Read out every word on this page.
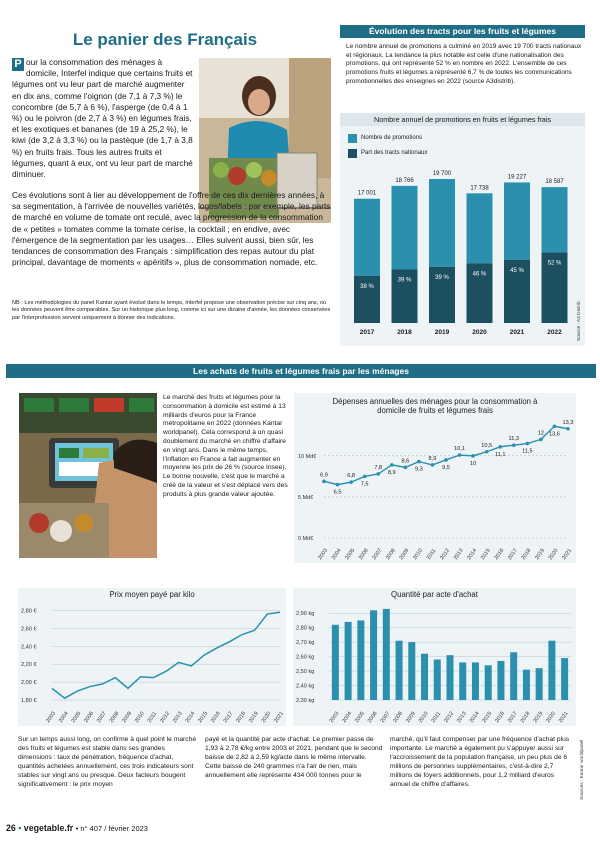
Le panier des Français
P our la consommation des ménages à domicile, Interfel indique que certains fruits et légumes ont vu leur part de marché augmenter en dix ans, comme l'oignon (de 7,1 à 7,3 %) le concombre (de 5,7 à 6 %), l'asperge (de 0,4 à 1 %) ou le poivron (de 2,7 à 3 %) en légumes frais, et les exotiques et bananes (de 19 à 25,2 %), le kiwi (de 3,2 à 3,3 %) ou la pastèque (de 1,7 à 3,8 %) en fruits frais. Tous les autres fruits et légumes, quant à eux, ont vu leur part de marché diminuer.
Ces évolutions sont à lier au développement de l'offre de ces dix dernières années, à sa segmentation, à l'arrivée de nouvelles variétés, logos/labels : par exemple, les parts de marché en volume de tomate ont reculé, avec la progression de la consommation de « petites » tomates comme la tomate cerise, la cocktail ; en endive, avec l'émergence de la segmentation par les usages… Elles suivent aussi, bien sûr, les tendances de consommation des Français : simplification des repas autour du plat principal, davantage de moments « apéritifs », plus de consommation nomade, etc.
NB : Les méthodologies du panel Kantar ayant évolué dans le temps, Interfel propose une observation précise sur cinq ans, où les données peuvent être comparables. Sur un historique plus long, comme ici sur une dizaine d'année, les données conservées par l'interprofession servent uniquement à donner des indications.
Évolution des tracts pour les fruits et légumes
Le nombre annuel de promotions a culminé en 2019 avec 19 700 tracts nationaux et régionaux. La tendance la plus notable est celle d'une nationalisation des promotions, qui ont représenté 52 % en nombre en 2022. L'ensemble de ces promotions fruits et légumes a représenté 6,7 % de toutes les communications promotionnelles des enseignes en 2022 (source A3distrib).
Nombre annuel de promotions en fruits et légumes frais
Nombre de promotions
Part des tracts nationaux
17 001
38 %
2017
18 766
39 %
2018
19 700
39 %
2019
17 738
46 %
2020
19 227
45 %
2021
18 587
52 %
2022	Source : A3 Distrib
Les achats de fruits et légumes frais par les ménages
Le marché des fruits et légumes pour la consommation à domicile est estimé à 13 milliards d'euros pour la France métropolitaine en 2022 (données Kantar worldpanel). Cela correspond à un quasi doublement du marché en chiffre d'affaire en vingt ans. Dans le même temps, l'inflation en France a fait augmenter en moyenne les prix de 26 % (source Insee). Le bonne nouvelle, c'est que le marché a créé de la valeur et s'est déplacé vers des produits à plus grande valeur ajoutée.
Dépenses annuelles des ménages pour la consommation à domicile de fruits et légumes frais
0 Md€
5 Md€
10 Md€
6,9
2003
6,5
2004
6,8
2005
7,5
2006
7,8
2007
8,9
2008
8,6
2009
9,3
2010
8,9
2011
9,5
2012
10,1
2013
10
2014
10,5
2015
11,1
2016
11,3
2017
11,5
2018
12
2019
13,6
2020
13,3
2021
Prix moyen payé par kilo
1,80 €
2,00 €
2,20 €
2,40 €
2,60 €
2,80 €
2003 2004 2005 2006 2007 2008 2009 2010 2011 2012 2013 2014 2015 2016 2017 2018 2019 2020 2021
Quantité par acte d'achat
2,30 kg
2,40 kg
2,50 kg
2,60 kg
2,70 kg
2,80 kg
2,90 kg
2003 2004 2005 2006 2007 2008 2009 2010 2011 2012 2013 2014 2015 2016 2017 2018 2019 2020 2021
Sources : Kantar worldpanel
Sur un temps aussi long, on confirme à quel point le marché des fruits et légumes est stable dans ses grandes dimensions : taux de pénétration, fréquence d'achat, quantités achetées annuellement, ces trois indicateurs sont stables sur vingt ans ou presque. Deux facteurs bougent significativement : le prix moyen
payé et la quantité par acte d'achat. Le premier passe de 1,93 à 2,78 €/kg entre 2003 et 2021, pendant que le second baisse de 2,82 à 2,59 kg/acte dans le même intervalle. Cette baisse de 240 grammes n'a l'air de rien, mais annuellement elle représente 434 000 tonnes pour le
marché, qu'il faut compenser par une fréquence d'achat plus importante. Le marché a également pu s'appuyer aussi sur l'accroissement de la population française, un peu plus de 6 millions de personnes supplémentaires, c'est-à-dire 2,7 millions de foyers additionnels, pour 1,2 milliard d'euros annuel de chiffre d'affaires.
26 • vegetable.fr • n° 407 / février 2023
